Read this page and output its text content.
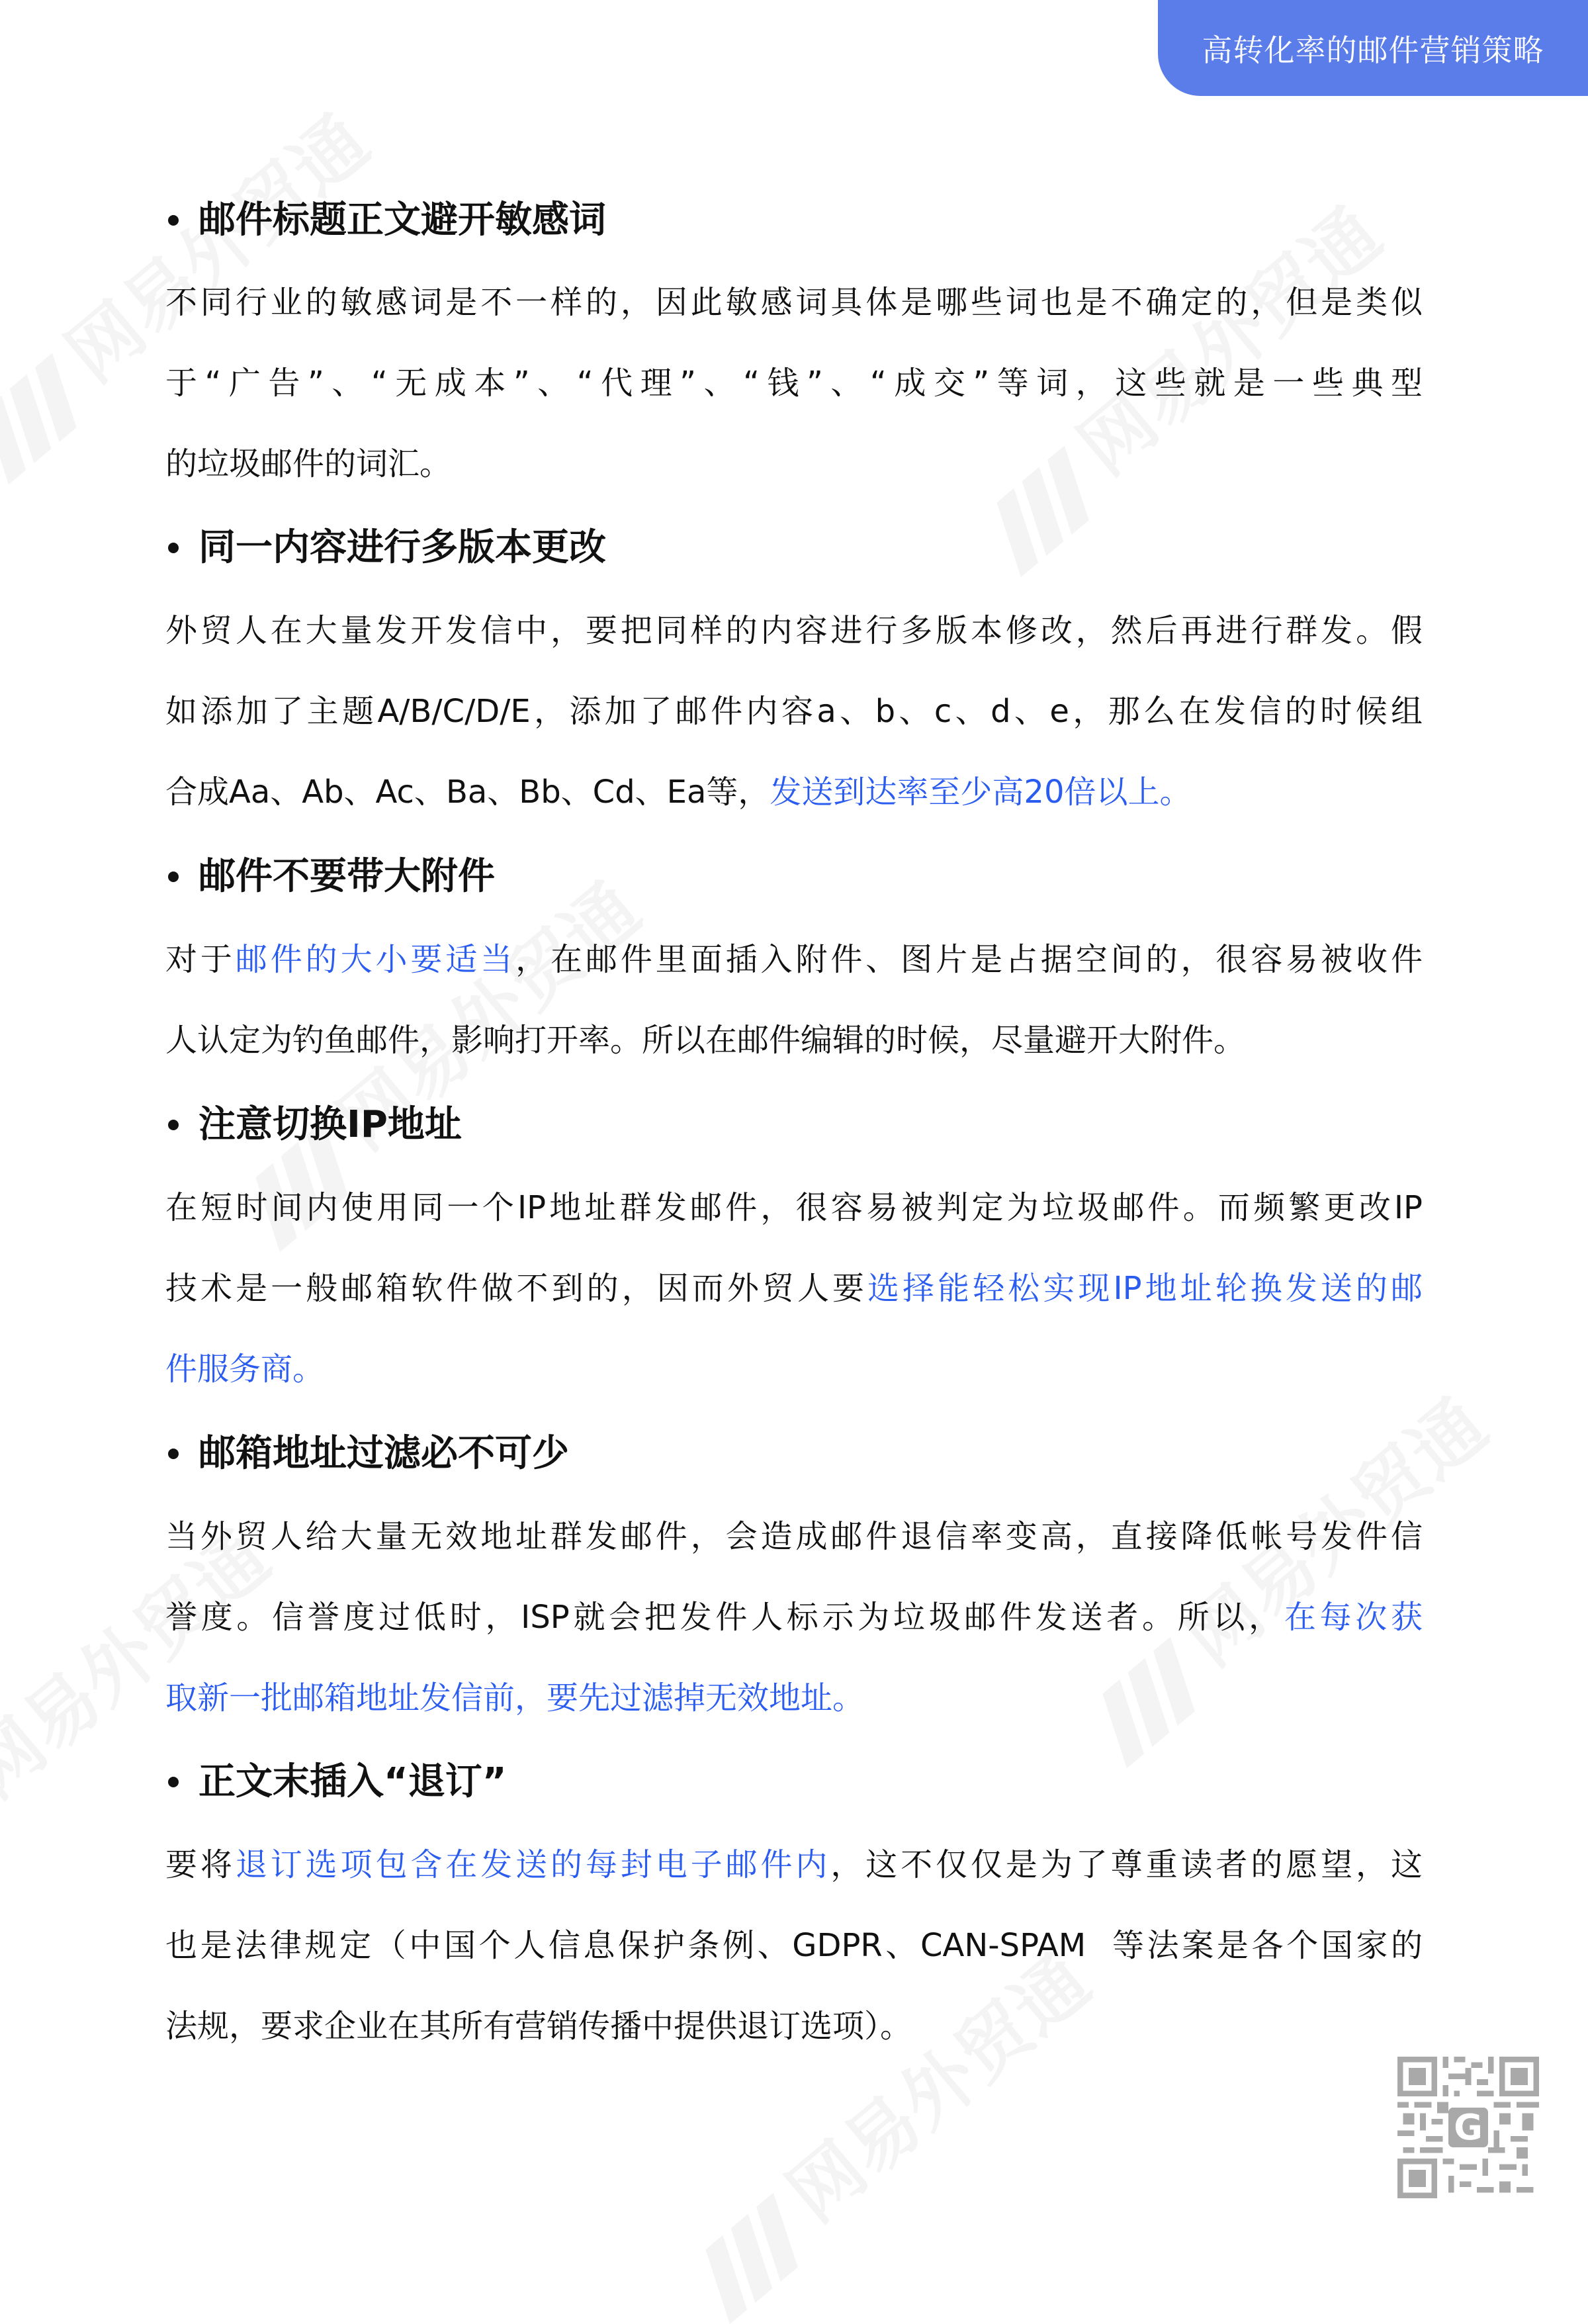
高转化率的邮件营销策略
邮件标题正文避开敏感词
不同行业的敏感词是不一样的，因此敏感词具体是哪些词也是不确定的，但是类似
于“广告”、“无成本”、“代理”、“钱”、“成交”等词，这些就是一些典型
的垃圾邮件的词汇。
同一内容进行多版本更改
外贸人在大量发开发信中，要把同样的内容进行多版本修改，然后再进行群发。假
如添加了主题A/B/C/D/E，添加了邮件内容a、b、c、d、e，那么在发信的时候组
合成Aa、Ab、Ac、Ba、Bb、Cd、Ea等，发送到达率至少高20倍以上。
邮件不要带大附件
对于邮件的大小要适当，在邮件里面插入附件、图片是占据空间的，很容易被收件
人认定为钓鱼邮件，影响打开率。所以在邮件编辑的时候，尽量避开大附件。
注意切换IP地址
在短时间内使用同一个IP地址群发邮件，很容易被判定为垃圾邮件。而频繁更改IP
技术是一般邮箱软件做不到的，因而外贸人要选择能轻松实现IP地址轮换发送的邮
件服务商。
邮箱地址过滤必不可少
当外贸人给大量无效地址群发邮件，会造成邮件退信率变高，直接降低帐号发件信
誉度。信誉度过低时，ISP就会把发件人标示为垃圾邮件发送者。所以，在每次获
取新一批邮箱地址发信前，要先过滤掉无效地址。
正文末插入“退订”
要将退订选项包含在发送的每封电子邮件内，这不仅仅是为了尊重读者的愿望，这
也是法律规定（中国个人信息保护条例、GDPR、CAN-SPAM  等法案是各个国家的
法规，要求企业在其所有营销传播中提供退订选项）。
G
